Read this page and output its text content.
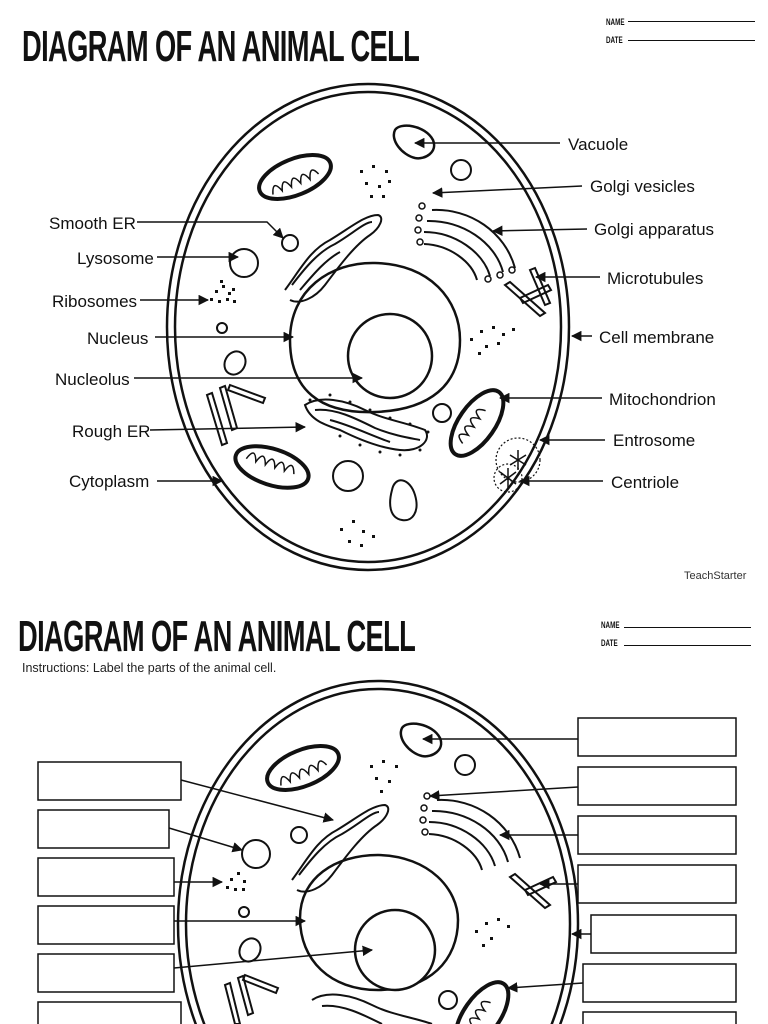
DIAGRAM OF AN ANIMAL CELL	NAME
DATE
Vacuole
Golgi vesicles
Golgi apparatus
Microtubules
Cell membrane
Mitochondrion
Entrosome
Centriole
Smooth ER
Lysosome
Ribosomes
Nucleus
Nucleolus
Rough ER
Cytoplasm
TeachStarter
DIAGRAM OF AN ANIMAL CELL	NAME
DATE
Instructions: Label the parts of the animal cell.
